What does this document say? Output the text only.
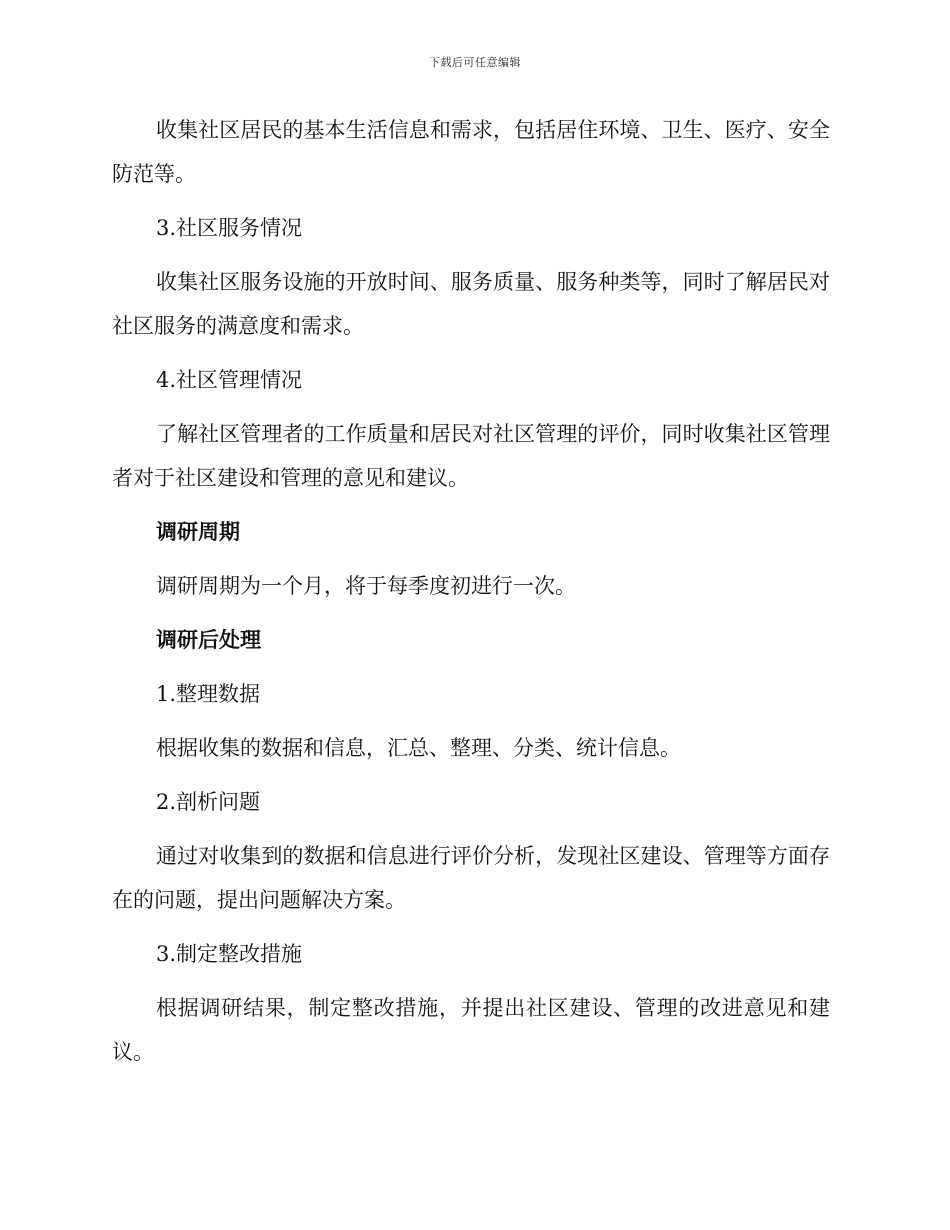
下载后可任意编辑

收集社区居民的基本生活信息和需求，包括居住环境、卫生、医疗、安全防范等。

3.社区服务情况

收集社区服务设施的开放时间、服务质量、服务种类等，同时了解居民对社区服务的满意度和需求。

4.社区管理情况

了解社区管理者的工作质量和居民对社区管理的评价，同时收集社区管理者对于社区建设和管理的意见和建议。

调研周期

调研周期为一个月，将于每季度初进行一次。

调研后处理

1.整理数据

根据收集的数据和信息，汇总、整理、分类、统计信息。

2.剖析问题

通过对收集到的数据和信息进行评价分析，发现社区建设、管理等方面存在的问题，提出问题解决方案。

3.制定整改措施

根据调研结果，制定整改措施，并提出社区建设、管理的改进意见和建议。
